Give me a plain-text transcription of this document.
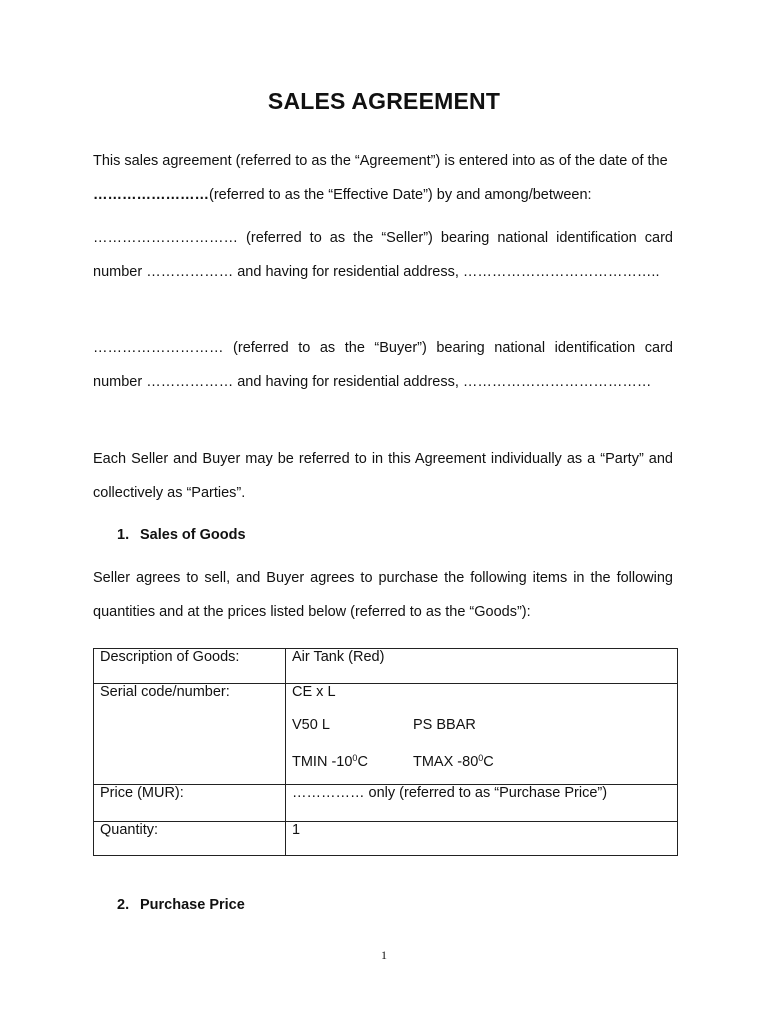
SALES AGREEMENT
This sales agreement (referred to as the “Agreement”) is entered into as of the date of the ……………………(referred to as the “Effective Date”) by and among/between:
………………………… (referred to as the “Seller”) bearing national identification card number ……………… and having for residential address, …………………………………..
……………………… (referred to as the “Buyer”) bearing national identification card number ……………… and having for residential address, …………………………………
Each Seller and Buyer may be referred to in this Agreement individually as a “Party” and collectively as “Parties”.
1. Sales of Goods
Seller agrees to sell, and Buyer agrees to purchase the following items in the following quantities and at the prices listed below (referred to as the “Goods”):
Description of Goods:	Air Tank (Red)
Serial code/number:	CE x L
V50 L PS BBAR
TMIN $-10^0C$ TMAX $-80^0C$

Price (MUR):	…………… only (referred to as “Purchase Price”)
Quantity:	1
2. Purchase Price
1
